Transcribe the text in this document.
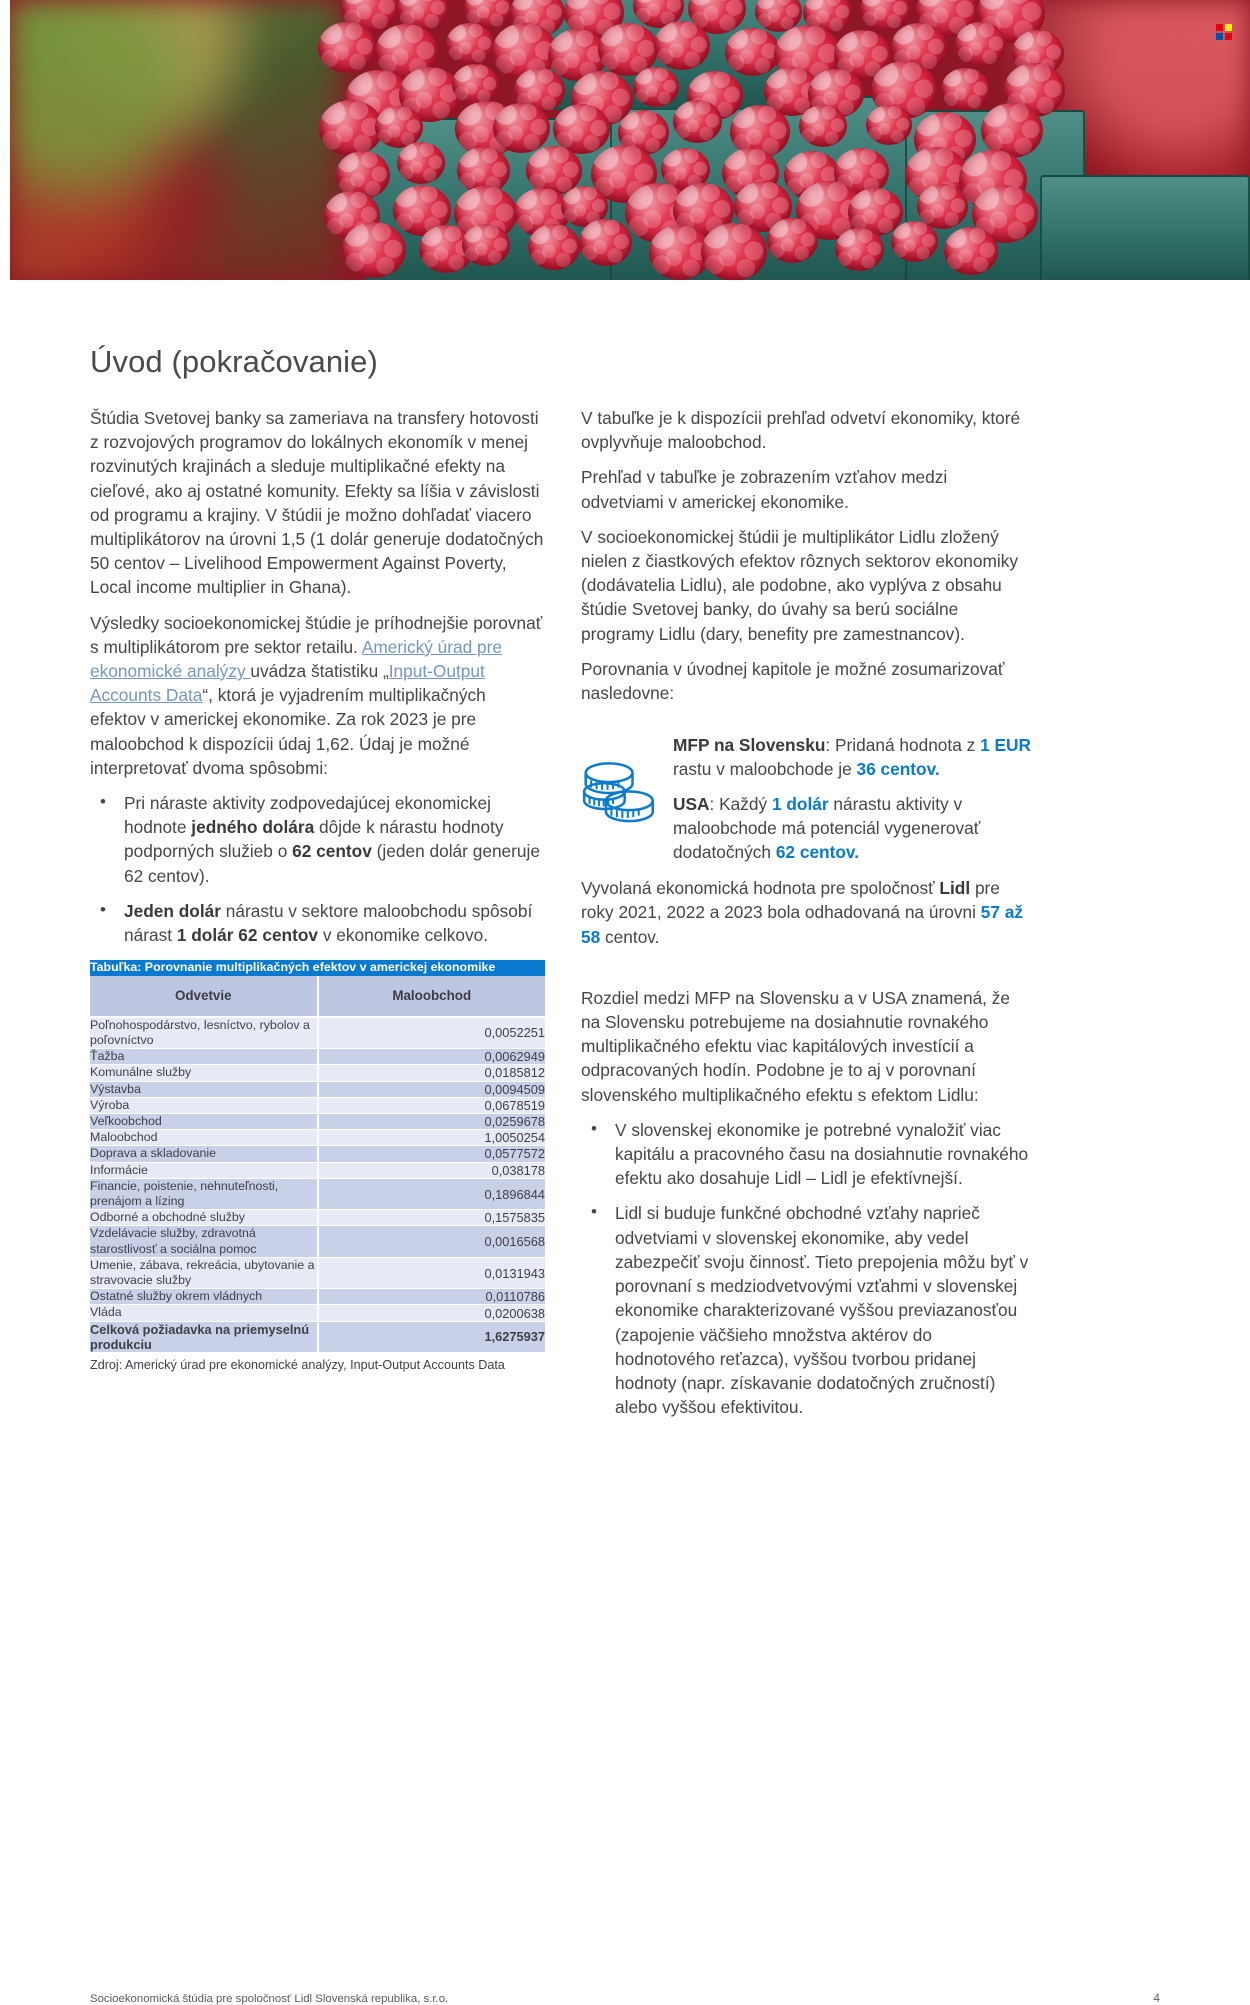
Úvod (pokračovanie)

Štúdia Svetovej banky sa zameriava na transfery hotovosti z rozvojových programov do lokálnych ekonomík v menej rozvinutých krajinách a sleduje multiplikačné efekty na cieľové, ako aj ostatné komunity. Efekty sa líšia v závislosti od programu a krajiny. V štúdii je možno dohľadať viacero multiplikátorov na úrovni 1,5 (1 dolár generuje dodatočných 50 centov – Livelihood Empowerment Against Poverty, Local income multiplier in Ghana).

Výsledky socioekonomickej štúdie je príhodnejšie porovnať s multiplikátorom pre sektor retailu. Americký úrad pre ekonomické analýzy uvádza štatistiku „Input-Output Accounts Data“, ktorá je vyjadrením multiplikačných efektov v americkej ekonomike. Za rok 2023 je pre maloobchod k dispozícii údaj 1,62. Údaj je možné interpretovať dvoma spôsobmi:

• Pri náraste aktivity zodpovedajúcej ekonomickej hodnote jedného dolára dôjde k nárastu hodnoty podporných služieb o 62 centov (jeden dolár generuje 62 centov).
• Jeden dolár nárastu v sektore maloobchodu spôsobí nárast 1 dolár 62 centov v ekonomike celkovo.
Tabuľka: Porovnanie multiplikačných efektov v americkej ekonomike	
Odvetvie	Maloobchod
Poľnohospodárstvo, lesníctvo, rybolov a poľovníctvo	0,0052251
Ťažba	0,0062949
Komunálne služby	0,0185812
Výstavba	0,0094509
Výroba	0,0678519
Veľkoobchod	0,0259678
Maloobchod	1,0050254
Doprava a skladovanie	0,0577572
Informácie	0,038178
Financie, poistenie, nehnuteľnosti, prenájom a lízing	0,1896844
Odborné a obchodné služby	0,1575835
Vzdelávacie služby, zdravotná starostlivosť a sociálna pomoc	0,0016568
Umenie, zábava, rekreácia, ubytovanie a stravovacie služby	0,0131943
Ostatné služby okrem vládnych	0,0110786
Vláda	0,0200638
Celková požiadavka na priemyselnú produkciu	1,6275937
Zdroj: Americký úrad pre ekonomické analýzy, Input-Output Accounts Data

V tabuľke je k dispozícii prehľad odvetví ekonomiky, ktoré ovplyvňuje maloobchod.

Prehľad v tabuľke je zobrazením vzťahov medzi odvetviami v americkej ekonomike.

V socioekonomickej štúdii je multiplikátor Lidlu zložený nielen z čiastkových efektov rôznych sektorov ekonomiky (dodávatelia Lidlu), ale podobne, ako vyplýva z obsahu štúdie Svetovej banky, do úvahy sa berú sociálne programy Lidlu (dary, benefity pre zamestnancov).

Porovnania v úvodnej kapitole je možné zosumarizovať nasledovne:

MFP na Slovensku: Pridaná hodnota z 1 EUR rastu v maloobchode je 36 centov.

USA: Každý 1 dolár nárastu aktivity v maloobchode má potenciál vygenerovať dodatočných 62 centov.

Vyvolaná ekonomická hodnota pre spoločnosť Lidl pre roky 2021, 2022 a 2023 bola odhadovaná na úrovni 57 až 58 centov.

Rozdiel medzi MFP na Slovensku a v USA znamená, že na Slovensku potrebujeme na dosiahnutie rovnakého multiplikačného efektu viac kapitálových investícií a odpracovaných hodín. Podobne je to aj v porovnaní slovenského multiplikačného efektu s efektom Lidlu:

• V slovenskej ekonomike je potrebné vynaložiť viac kapitálu a pracovného času na dosiahnutie rovnakého efektu ako dosahuje Lidl – Lidl je efektívnejší.
• Lidl si buduje funkčné obchodné vzťahy naprieč odvetviami v slovenskej ekonomike, aby vedel zabezpečiť svoju činnosť. Tieto prepojenia môžu byť v porovnaní s medziodvetvovými vzťahmi v slovenskej ekonomike charakterizované vyššou previazanosťou (zapojenie väčšieho množstva aktérov do hodnotového reťazca), vyššou tvorbou pridanej hodnoty (napr. získavanie dodatočných zručností) alebo vyššou efektivitou.
Socioekonomická štúdia pre spoločnosť Lidl Slovenská republika, s.r.o.	4
